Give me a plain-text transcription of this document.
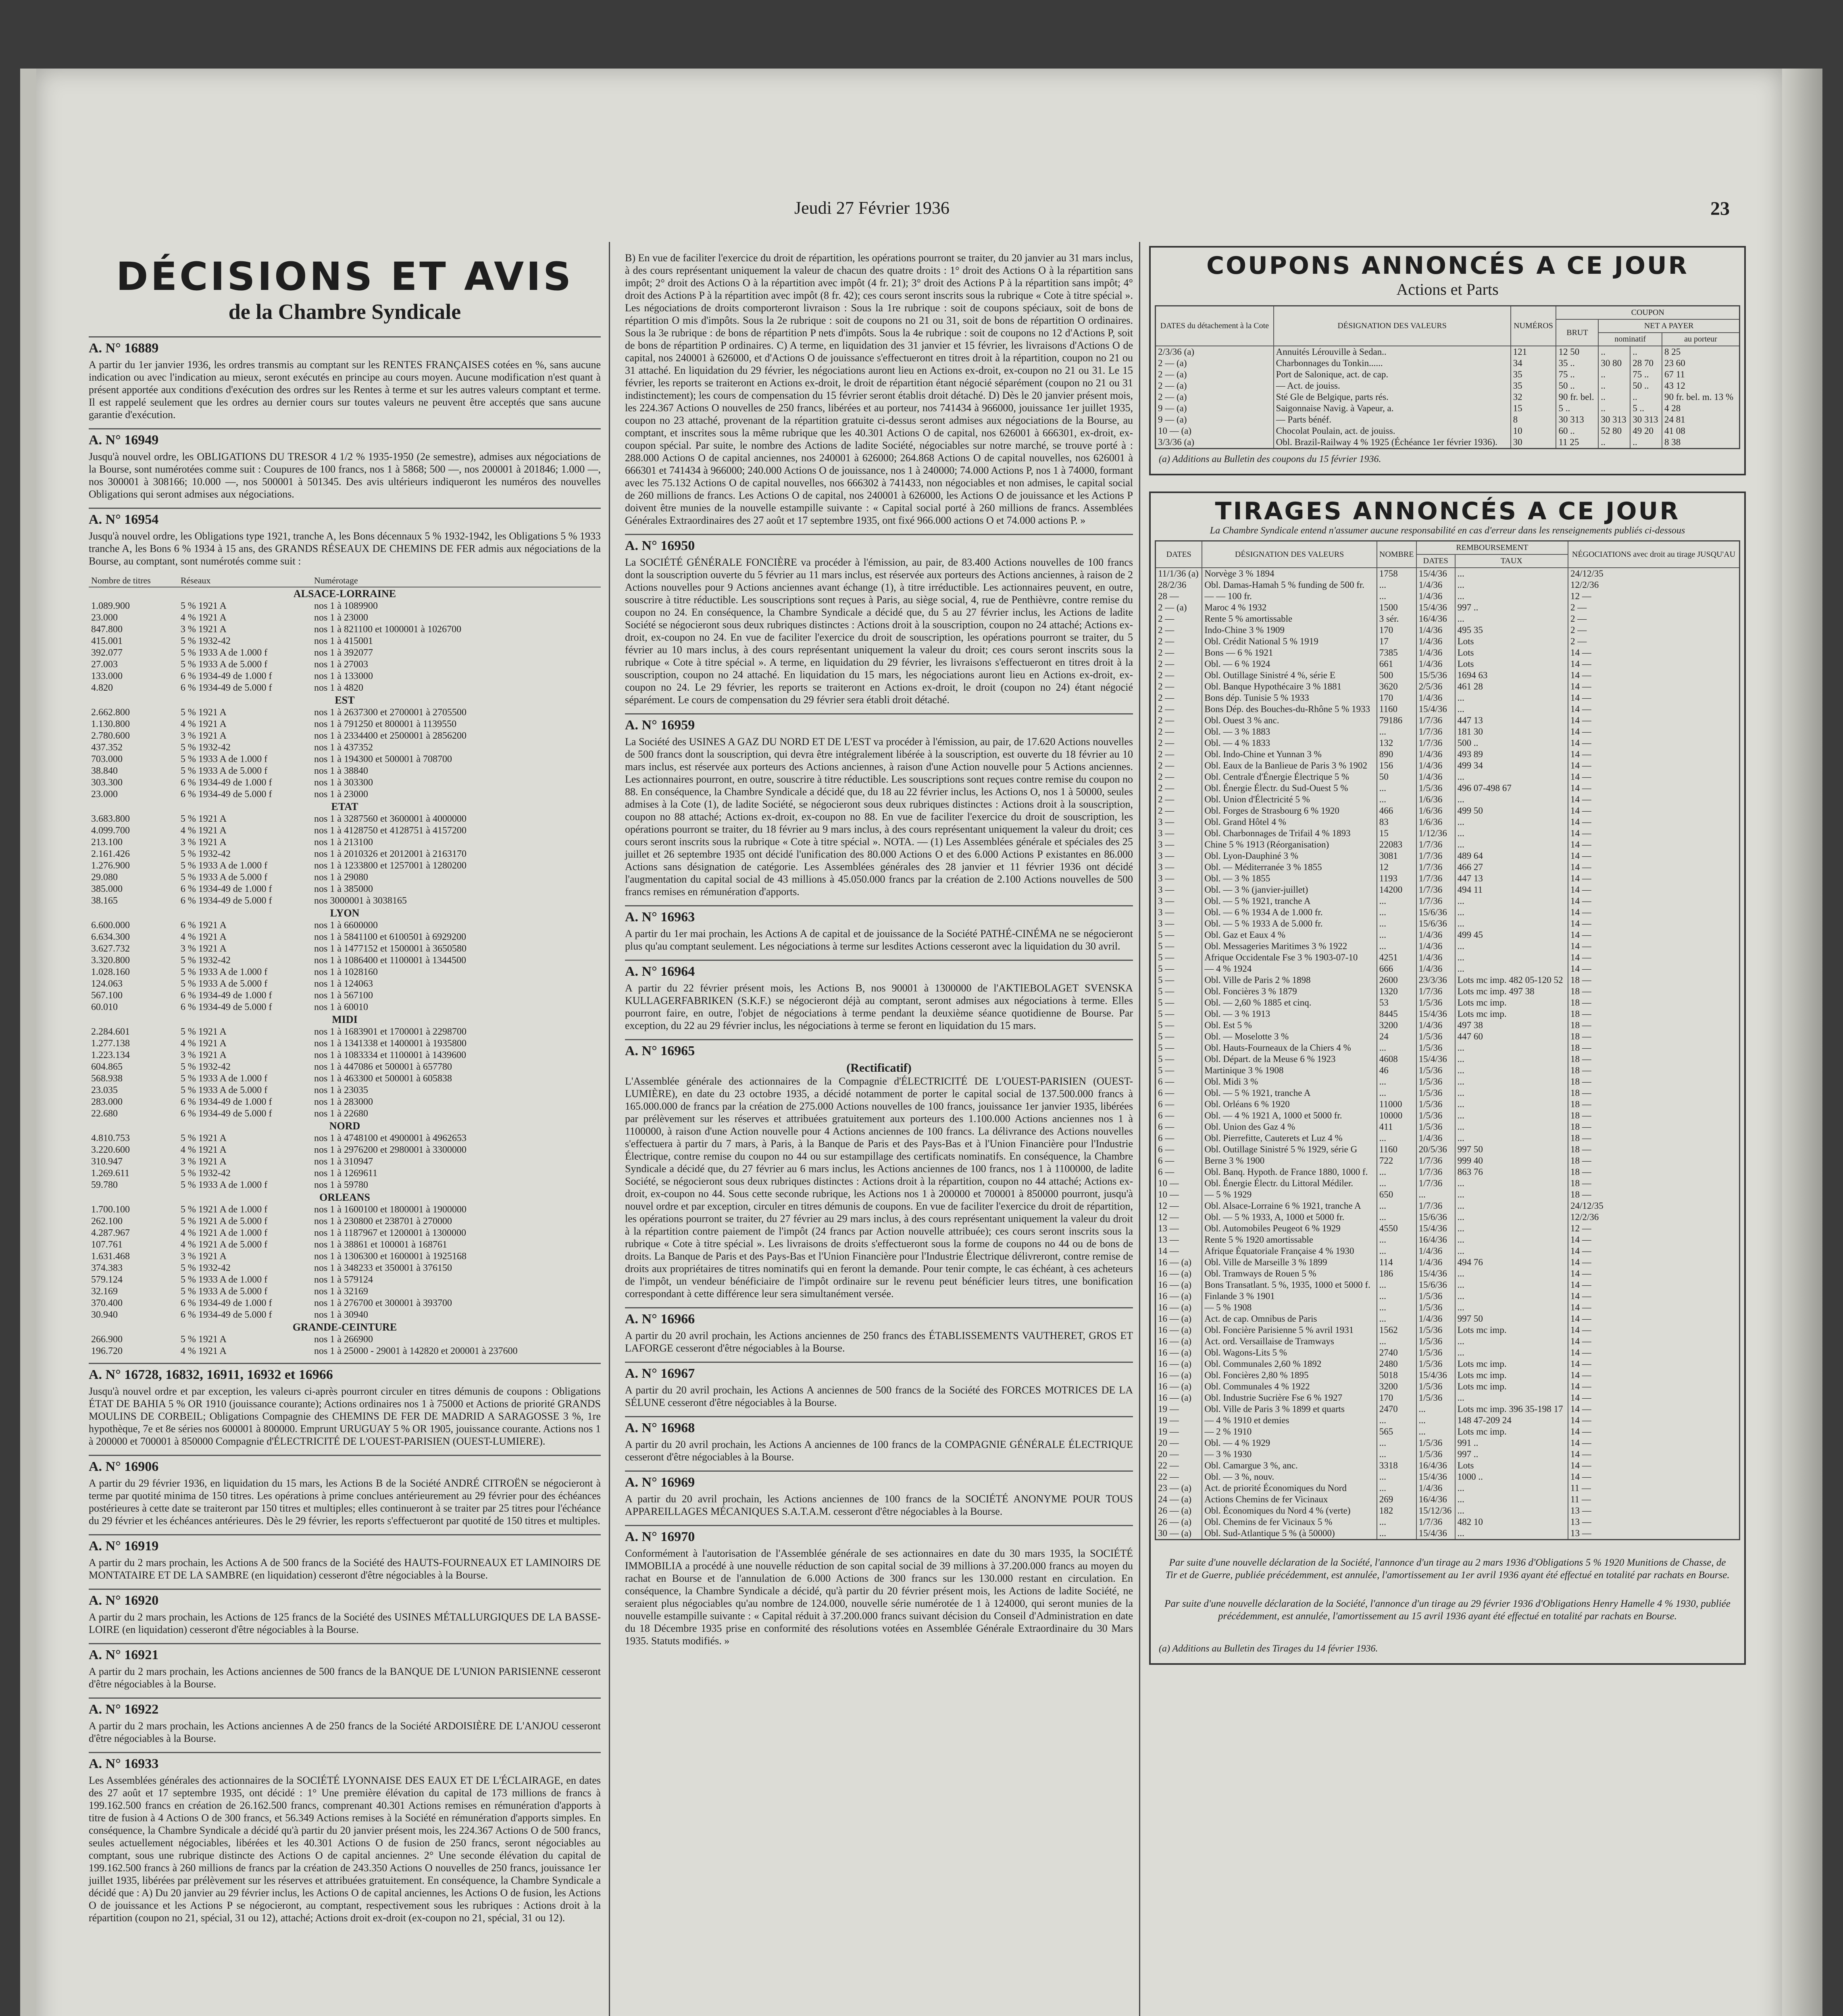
Jeudi 27 Février 1936	23
DÉCISIONS ET AVIS
de la Chambre Syndicale
A. N° 16889
A partir du 1er janvier 1936, les ordres transmis au comptant sur les RENTES FRANÇAISES cotées en %, sans aucune indication ou avec l'indication au mieux, seront exécutés en principe au cours moyen. Aucune modification n'est quant à présent apportée aux conditions d'exécution des ordres sur les Rentes à terme et sur les autres valeurs comptant et terme. Il est rappelé seulement que les ordres au dernier cours sur toutes valeurs ne peuvent être acceptés que sans aucune garantie d'exécution.
A. N° 16949
Jusqu'à nouvel ordre, les OBLIGATIONS DU TRESOR 4 1/2 % 1935-1950 (2e semestre), admises aux négociations de la Bourse, sont numérotées comme suit : Coupures de 100 francs, nos 1 à 5868; 500 —, nos 200001 à 201846; 1.000 —, nos 300001 à 308166; 10.000 —, nos 500001 à 501345. Des avis ultérieurs indiqueront les numéros des nouvelles Obligations qui seront admises aux négociations.
A. N° 16954
Jusqu'à nouvel ordre, les Obligations type 1921, tranche A, les Bons décennaux 5 % 1932-1942, les Obligations 5 % 1933 tranche A, les Bons 6 % 1934 à 15 ans, des GRANDS RÉSEAUX DE CHEMINS DE FER admis aux négociations de la Bourse, au comptant, sont numérotés comme suit :
Nombre de titres	Réseaux	Numérotage
ALSACE-LORRAINE		
1.089.900	5 % 1921 A	nos 1 à 1089900
23.000	4 % 1921 A	nos 1 à 23000
847.800	3 % 1921 A	nos 1 à 821100 et 1000001 à 1026700
415.001	5 % 1932-42	nos 1 à 415001
392.077	5 % 1933 A de 1.000 f	nos 1 à 392077
27.003	5 % 1933 A de 5.000 f	nos 1 à 27003
133.000	6 % 1934-49 de 1.000 f	nos 1 à 133000
4.820	6 % 1934-49 de 5.000 f	nos 1 à 4820
EST		
2.662.800	5 % 1921 A	nos 1 à 2637300 et 2700001 à 2705500
1.130.800	4 % 1921 A	nos 1 à 791250 et 800001 à 1139550
2.780.600	3 % 1921 A	nos 1 à 2334400 et 2500001 à 2856200
437.352	5 % 1932-42	nos 1 à 437352
703.000	5 % 1933 A de 1.000 f	nos 1 à 194300 et 500001 à 708700
38.840	5 % 1933 A de 5.000 f	nos 1 à 38840
303.300	6 % 1934-49 de 1.000 f	nos 1 à 303300
23.000	6 % 1934-49 de 5.000 f	nos 1 à 23000
ETAT		
3.683.800	5 % 1921 A	nos 1 à 3287560 et 3600001 à 4000000
4.099.700	4 % 1921 A	nos 1 à 4128750 et 4128751 à 4157200
213.100	3 % 1921 A	nos 1 à 213100
2.161.426	5 % 1932-42	nos 1 à 2010326 et 2012001 à 2163170
1.276.900	5 % 1933 A de 1.000 f	nos 1 à 1233800 et 1257001 à 1280200
29.080	5 % 1933 A de 5.000 f	nos 1 à 29080
385.000	6 % 1934-49 de 1.000 f	nos 1 à 385000
38.165	6 % 1934-49 de 5.000 f	nos 3000001 à 3038165
LYON		
6.600.000	6 % 1921 A	nos 1 à 6600000
6.634.300	4 % 1921 A	nos 1 à 5841100 et 6100501 à 6929200
3.627.732	3 % 1921 A	nos 1 à 1477152 et 1500001 à 3650580
3.320.800	5 % 1932-42	nos 1 à 1086400 et 1100001 à 1344500
1.028.160	5 % 1933 A de 1.000 f	nos 1 à 1028160
124.063	5 % 1933 A de 5.000 f	nos 1 à 124063
567.100	6 % 1934-49 de 1.000 f	nos 1 à 567100
60.010	6 % 1934-49 de 5.000 f	nos 1 à 60010
MIDI		
2.284.601	5 % 1921 A	nos 1 à 1683901 et 1700001 à 2298700
1.277.138	4 % 1921 A	nos 1 à 1341338 et 1400001 à 1935800
1.223.134	3 % 1921 A	nos 1 à 1083334 et 1100001 à 1439600
604.865	5 % 1932-42	nos 1 à 447086 et 500001 à 657780
568.938	5 % 1933 A de 1.000 f	nos 1 à 463300 et 500001 à 605838
23.035	5 % 1933 A de 5.000 f	nos 1 à 23035
283.000	6 % 1934-49 de 1.000 f	nos 1 à 283000
22.680	6 % 1934-49 de 5.000 f	nos 1 à 22680
NORD		
4.810.753	5 % 1921 A	nos 1 à 4748100 et 4900001 à 4962653
3.220.600	4 % 1921 A	nos 1 à 2976200 et 2980001 à 3300000
310.947	3 % 1921 A	nos 1 à 310947
1.269.611	5 % 1932-42	nos 1 à 1269611
59.780	5 % 1933 A de 1.000 f	nos 1 à 59780
ORLEANS		
1.700.100	5 % 1921 A de 1.000 f	nos 1 à 1600100 et 1800001 à 1900000
262.100	5 % 1921 A de 5.000 f	nos 1 à 230800 et 238701 à 270000
4.287.967	4 % 1921 A de 1.000 f	nos 1 à 1187967 et 1200001 à 1300000
107.761	4 % 1921 A de 5.000 f	nos 1 à 38861 et 100001 à 168761
1.631.468	3 % 1921 A	nos 1 à 1306300 et 1600001 à 1925168
374.383	5 % 1932-42	nos 1 à 348233 et 350001 à 376150
579.124	5 % 1933 A de 1.000 f	nos 1 à 579124
32.169	5 % 1933 A de 5.000 f	nos 1 à 32169
370.400	6 % 1934-49 de 1.000 f	nos 1 à 276700 et 300001 à 393700
30.940	6 % 1934-49 de 5.000 f	nos 1 à 30940
GRANDE-CEINTURE		
266.900	5 % 1921 A	nos 1 à 266900
196.720	4 % 1921 A	nos 1 à 25000 - 29001 à 142820 et 200001 à 237600
A. N° 16728, 16832, 16911, 16932 et 16966
Jusqu'à nouvel ordre et par exception, les valeurs ci-après pourront circuler en titres démunis de coupons : Obligations ÉTAT DE BAHIA 5 % OR 1910 (jouissance courante); Actions ordinaires nos 1 à 75000 et Actions de priorité GRANDS MOULINS DE CORBEIL; Obligations Compagnie des CHEMINS DE FER DE MADRID A SARAGOSSE 3 %, 1re hypothèque, 7e et 8e séries nos 600001 à 800000. Emprunt URUGUAY 5 % OR 1905, jouissance courante. Actions nos 1 à 200000 et 700001 à 850000 Compagnie d'ÉLECTRICITÉ DE L'OUEST-PARISIEN (OUEST-LUMIERE).
A. N° 16906
A partir du 29 février 1936, en liquidation du 15 mars, les Actions B de la Société ANDRÉ CITROËN se négocieront à terme par quotité minima de 150 titres. Les opérations à prime conclues antérieurement au 29 février pour des échéances postérieures à cette date se traiteront par 150 titres et multiples; elles continueront à se traiter par 25 titres pour l'échéance du 29 février et les échéances antérieures. Dès le 29 février, les reports s'effectueront par quotité de 150 titres et multiples.
A. N° 16919
A partir du 2 mars prochain, les Actions A de 500 francs de la Société des HAUTS-FOURNEAUX ET LAMINOIRS DE MONTATAIRE ET DE LA SAMBRE (en liquidation) cesseront d'être négociables à la Bourse.
A. N° 16920
A partir du 2 mars prochain, les Actions de 125 francs de la Société des USINES MÉTALLURGIQUES DE LA BASSE-LOIRE (en liquidation) cesseront d'être négociables à la Bourse.
A. N° 16921
A partir du 2 mars prochain, les Actions anciennes de 500 francs de la BANQUE DE L'UNION PARISIENNE cesseront d'être négociables à la Bourse.
A. N° 16922
A partir du 2 mars prochain, les Actions anciennes A de 250 francs de la Société ARDOISIÈRE DE L'ANJOU cesseront d'être négociables à la Bourse.
A. N° 16933
Les Assemblées générales des actionnaires de la SOCIÉTÉ LYONNAISE DES EAUX ET DE L'ÉCLAIRAGE, en dates des 27 août et 17 septembre 1935, ont décidé : 1° Une première élévation du capital de 173 millions de francs à 199.162.500 francs en création de 26.162.500 francs, comprenant 40.301 Actions remises en rémunération d'apports à titre de fusion à 4 Actions O de 300 francs, et 56.349 Actions remises à la Société en rémunération d'apports simples. En conséquence, la Chambre Syndicale a décidé qu'à partir du 20 janvier présent mois, les 224.367 Actions O de 500 francs, seules actuellement négociables, libérées et les 40.301 Actions O de fusion de 250 francs, seront négociables au comptant, sous une rubrique distincte des Actions O de capital anciennes. 2° Une seconde élévation du capital de 199.162.500 francs à 260 millions de francs par la création de 243.350 Actions O nouvelles de 250 francs, jouissance 1er juillet 1935, libérées par prélèvement sur les réserves et attribuées gratuitement. En conséquence, la Chambre Syndicale a décidé que : A) Du 20 janvier au 29 février inclus, les Actions O de capital anciennes, les Actions O de fusion, les Actions O de jouissance et les Actions P se négocieront, au comptant, respectivement sous les rubriques : Actions droit à la répartition (coupon no 21, spécial, 31 ou 12), attaché; Actions droit ex-droit (ex-coupon no 21, spécial, 31 ou 12).
B) En vue de faciliter l'exercice du droit de répartition, les opérations pourront se traiter, du 20 janvier au 31 mars inclus, à des cours représentant uniquement la valeur de chacun des quatre droits : 1° droit des Actions O à la répartition sans impôt; 2° droit des Actions O à la répartition avec impôt (4 fr. 21); 3° droit des Actions P à la répartition sans impôt; 4° droit des Actions P à la répartition avec impôt (8 fr. 42); ces cours seront inscrits sous la rubrique « Cote à titre spécial ». Les négociations de droits comporteront livraison : Sous la 1re rubrique : soit de coupons spéciaux, soit de bons de répartition O mis d'impôts. Sous la 2e rubrique : soit de coupons no 21 ou 31, soit de bons de répartition O ordinaires. Sous la 3e rubrique : de bons de répartition P nets d'impôts. Sous la 4e rubrique : soit de coupons no 12 d'Actions P, soit de bons de répartition P ordinaires. C) A terme, en liquidation des 31 janvier et 15 février, les livraisons d'Actions O de capital, nos 240001 à 626000, et d'Actions O de jouissance s'effectueront en titres droit à la répartition, coupon no 21 ou 31 attaché. En liquidation du 29 février, les négociations auront lieu en Actions ex-droit, ex-coupon no 21 ou 31. Le 15 février, les reports se traiteront en Actions ex-droit, le droit de répartition étant négocié séparément (coupon no 21 ou 31 indistinctement); les cours de compensation du 15 février seront établis droit détaché. D) Dès le 20 janvier présent mois, les 224.367 Actions O nouvelles de 250 francs, libérées et au porteur, nos 741434 à 966000, jouissance 1er juillet 1935, coupon no 23 attaché, provenant de la répartition gratuite ci-dessus seront admises aux négociations de la Bourse, au comptant, et inscrites sous la même rubrique que les 40.301 Actions O de capital, nos 626001 à 666301, ex-droit, ex-coupon spécial. Par suite, le nombre des Actions de ladite Société, négociables sur notre marché, se trouve porté à : 288.000 Actions O de capital anciennes, nos 240001 à 626000; 264.868 Actions O de capital nouvelles, nos 626001 à 666301 et 741434 à 966000; 240.000 Actions O de jouissance, nos 1 à 240000; 74.000 Actions P, nos 1 à 74000, formant avec les 75.132 Actions O de capital nouvelles, nos 666302 à 741433, non négociables et non admises, le capital social de 260 millions de francs. Les Actions O de capital, nos 240001 à 626000, les Actions O de jouissance et les Actions P doivent être munies de la nouvelle estampille suivante : « Capital social porté à 260 millions de francs. Assemblées Générales Extraordinaires des 27 août et 17 septembre 1935, ont fixé 966.000 actions O et 74.000 actions P. »
A. N° 16950
La SOCIÉTÉ GÉNÉRALE FONCIÈRE va procéder à l'émission, au pair, de 83.400 Actions nouvelles de 100 francs dont la souscription ouverte du 5 février au 11 mars inclus, est réservée aux porteurs des Actions anciennes, à raison de 2 Actions nouvelles pour 9 Actions anciennes avant échange (1), à titre irréductible. Les actionnaires peuvent, en outre, souscrire à titre réductible. Les souscriptions sont reçues à Paris, au siège social, 4, rue de Penthièvre, contre remise du coupon no 24. En conséquence, la Chambre Syndicale a décidé que, du 5 au 27 février inclus, les Actions de ladite Société se négocieront sous deux rubriques distinctes : Actions droit à la souscription, coupon no 24 attaché; Actions ex-droit, ex-coupon no 24. En vue de faciliter l'exercice du droit de souscription, les opérations pourront se traiter, du 5 février au 10 mars inclus, à des cours représentant uniquement la valeur du droit; ces cours seront inscrits sous la rubrique « Cote à titre spécial ». A terme, en liquidation du 29 février, les livraisons s'effectueront en titres droit à la souscription, coupon no 24 attaché. En liquidation du 15 mars, les négociations auront lieu en Actions ex-droit, ex-coupon no 24. Le 29 février, les reports se traiteront en Actions ex-droit, le droit (coupon no 24) étant négocié séparément. Le cours de compensation du 29 février sera établi droit détaché.
A. N° 16959
La Société des USINES A GAZ DU NORD ET DE L'EST va procéder à l'émission, au pair, de 17.620 Actions nouvelles de 500 francs dont la souscription, qui devra être intégralement libérée à la souscription, est ouverte du 18 février au 10 mars inclus, est réservée aux porteurs des Actions anciennes, à raison d'une Action nouvelle pour 5 Actions anciennes. Les actionnaires pourront, en outre, souscrire à titre réductible. Les souscriptions sont reçues contre remise du coupon no 88. En conséquence, la Chambre Syndicale a décidé que, du 18 au 22 février inclus, les Actions O, nos 1 à 50000, seules admises à la Cote (1), de ladite Société, se négocieront sous deux rubriques distinctes : Actions droit à la souscription, coupon no 88 attaché; Actions ex-droit, ex-coupon no 88. En vue de faciliter l'exercice du droit de souscription, les opérations pourront se traiter, du 18 février au 9 mars inclus, à des cours représentant uniquement la valeur du droit; ces cours seront inscrits sous la rubrique « Cote à titre spécial ». NOTA. — (1) Les Assemblées générale et spéciales des 25 juillet et 26 septembre 1935 ont décidé l'unification des 80.000 Actions O et des 6.000 Actions P existantes en 86.000 Actions sans désignation de catégorie. Les Assemblées générales des 28 janvier et 11 février 1936 ont décidé l'augmentation du capital social de 43 millions à 45.050.000 francs par la création de 2.100 Actions nouvelles de 500 francs remises en rémunération d'apports.
A. N° 16963
A partir du 1er mai prochain, les Actions A de capital et de jouissance de la Société PATHÉ-CINÉMA ne se négocieront plus qu'au comptant seulement. Les négociations à terme sur lesdites Actions cesseront avec la liquidation du 30 avril.
A. N° 16964
A partir du 22 février présent mois, les Actions B, nos 90001 à 1300000 de l'AKTIEBOLAGET SVENSKA KULLAGERFABRIKEN (S.K.F.) se négocieront déjà au comptant, seront admises aux négociations à terme. Elles pourront faire, en outre, l'objet de négociations à terme pendant la deuxième séance quotidienne de Bourse. Par exception, du 22 au 29 février inclus, les négociations à terme se feront en liquidation du 15 mars.
A. N° 16965
(Rectificatif)
L'Assemblée générale des actionnaires de la Compagnie d'ÉLECTRICITÉ DE L'OUEST-PARISIEN (OUEST-LUMIÈRE), en date du 23 octobre 1935, a décidé notamment de porter le capital social de 137.500.000 francs à 165.000.000 de francs par la création de 275.000 Actions nouvelles de 100 francs, jouissance 1er janvier 1935, libérées par prélèvement sur les réserves et attribuées gratuitement aux porteurs des 1.100.000 Actions anciennes nos 1 à 1100000, à raison d'une Action nouvelle pour 4 Actions anciennes de 100 francs. La délivrance des Actions nouvelles s'effectuera à partir du 7 mars, à Paris, à la Banque de Paris et des Pays-Bas et à l'Union Financière pour l'Industrie Électrique, contre remise du coupon no 44 ou sur estampillage des certificats nominatifs. En conséquence, la Chambre Syndicale a décidé que, du 27 février au 6 mars inclus, les Actions anciennes de 100 francs, nos 1 à 1100000, de ladite Société, se négocieront sous deux rubriques distinctes : Actions droit à la répartition, coupon no 44 attaché; Actions ex-droit, ex-coupon no 44. Sous cette seconde rubrique, les Actions nos 1 à 200000 et 700001 à 850000 pourront, jusqu'à nouvel ordre et par exception, circuler en titres démunis de coupons. En vue de faciliter l'exercice du droit de répartition, les opérations pourront se traiter, du 27 février au 29 mars inclus, à des cours représentant uniquement la valeur du droit à la répartition contre paiement de l'impôt (24 francs par Action nouvelle attribuée); ces cours seront inscrits sous la rubrique « Cote à titre spécial ». Les livraisons de droits s'effectueront sous la forme de coupons no 44 ou de bons de droits. La Banque de Paris et des Pays-Bas et l'Union Financière pour l'Industrie Électrique délivreront, contre remise de droits aux propriétaires de titres nominatifs qui en feront la demande. Pour tenir compte, le cas échéant, à ces acheteurs de l'impôt, un vendeur bénéficiaire de l'impôt ordinaire sur le revenu peut bénéficier leurs titres, une bonification correspondant à cette différence leur sera simultanément versée.
A. N° 16966
A partir du 20 avril prochain, les Actions anciennes de 250 francs des ÉTABLISSEMENTS VAUTHERET, GROS ET LAFORGE cesseront d'être négociables à la Bourse.
A. N° 16967
A partir du 20 avril prochain, les Actions A anciennes de 500 francs de la Société des FORCES MOTRICES DE LA SÉLUNE cesseront d'être négociables à la Bourse.
A. N° 16968
A partir du 20 avril prochain, les Actions A anciennes de 100 francs de la COMPAGNIE GÉNÉRALE ÉLECTRIQUE cesseront d'être négociables à la Bourse.
A. N° 16969
A partir du 20 avril prochain, les Actions anciennes de 100 francs de la SOCIÉTÉ ANONYME POUR TOUS APPAREILLAGES MÉCANIQUES S.A.T.A.M. cesseront d'être négociables à la Bourse.
A. N° 16970
Conformément à l'autorisation de l'Assemblée générale de ses actionnaires en date du 30 mars 1935, la SOCIÉTÉ IMMOBILIA a procédé à une nouvelle réduction de son capital social de 39 millions à 37.200.000 francs au moyen du rachat en Bourse et de l'annulation de 6.000 Actions de 300 francs sur les 130.000 restant en circulation. En conséquence, la Chambre Syndicale a décidé, qu'à partir du 20 février présent mois, les Actions de ladite Société, ne seraient plus négociables qu'au nombre de 124.000, nouvelle série numérotée de 1 à 124000, qui seront munies de la nouvelle estampille suivante : « Capital réduit à 37.200.000 francs suivant décision du Conseil d'Administration en date du 18 Décembre 1935 prise en conformité des résolutions votées en Assemblée Générale Extraordinaire du 30 Mars 1935. Statuts modifiés. »
COUPONS ANNONCÉS A CE JOUR
Actions et Parts
DATES du détachement à la Cote	DÉSIGNATION DES VALEURS	NUMÉROS	COUPON			
			BRUT	NET A PAYER		
				nominatif		au porteur
2/3/36 (a)	Annuités Lérouville à Sedan..	121	12 50	..	..	8 25
2 — (a)	Charbonnages du Tonkin......	34	35 ..	30 80	28 70	23 60
2 — (a)	Port de Salonique, act. de cap.	35	75 ..	..	75 ..	67 11
2 — (a)	— Act. de jouiss.	35	50 ..	..	50 ..	43 12
2 — (a)	Sté Gle de Belgique, parts rés.	32	90 fr. bel.	..	..	90 fr. bel. m. 13 %
9 — (a)	Saigonnaise Navig. à Vapeur, a.	15	5 ..	..	5 ..	4 28
9 — (a)	— Parts bénéf.	8	30 313	30 313	30 313	24 81
10 — (a)	Chocolat Poulain, act. de jouiss.	10	60 ..	52 80	49 20	41 08
3/3/36 (a)	Obl. Brazil-Railway 4 % 1925 (Échéance 1er février 1936).	30	11 25	..	..	8 38
(a) Additions au Bulletin des coupons du 15 février 1936.
TIRAGES ANNONCÉS A CE JOUR
La Chambre Syndicale entend n'assumer aucune responsabilité en cas d'erreur dans les renseignements publiés ci-dessous
DATES	DÉSIGNATION DES VALEURS	NOMBRE	REMBOURSEMENT		NÉGOCIATIONS avec droit au tirage JUSQU'AU
			DATES	TAUX	
11/1/36 (a)	Norvège 3 % 1894	1758	15/4/36	...	24/12/35
28/2/36	Obl. Damas-Hamah 5 % funding de 500 fr.	...	1/4/36	...	12/2/36
28 —	— — 100 fr.	...	1/4/36	...	12 —
2 — (a)	Maroc 4 % 1932	1500	15/4/36	997 ..	2 —
2 —	Rente 5 % amortissable	3 sér.	16/4/36	...	2 —
2 —	Indo-Chine 3 % 1909	170	1/4/36	495 35	2 —
2 —	Obl. Crédit National 5 % 1919	17	1/4/36	Lots	2 —
2 —	Bons — 6 % 1921	7385	1/4/36	Lots	14 —
2 —	Obl. — 6 % 1924	661	1/4/36	Lots	14 —
2 —	Obl. Outillage Sinistré 4 %, série E	500	15/5/36	1694 63	14 —
2 —	Obl. Banque Hypothécaire 3 % 1881	3620	2/5/36	461 28	14 —
2 —	Bons dép. Tunisie 5 % 1933	170	1/4/36	...	14 —
2 —	Bons Dép. des Bouches-du-Rhône 5 % 1933	1160	15/4/36	...	14 —
2 —	Obl. Ouest 3 % anc.	79186	1/7/36	447 13	14 —
2 —	Obl. — 3 % 1883	...	1/7/36	181 30	14 —
2 —	Obl. — 4 % 1833	132	1/7/36	500 ..	14 —
2 —	Obl. Indo-Chine et Yunnan 3 %	890	1/4/36	493 89	14 —
2 —	Obl. Eaux de la Banlieue de Paris 3 % 1902	156	1/4/36	499 34	14 —
2 —	Obl. Centrale d'Énergie Électrique 5 %	50	1/4/36	...	14 —
2 —	Obl. Énergie Électr. du Sud-Ouest 5 %	...	1/5/36	496 07-498 67	14 —
2 —	Obl. Union d'Électricité 5 %	...	1/6/36	...	14 —
2 —	Obl. Forges de Strasbourg 6 % 1920	466	1/6/36	499 50	14 —
3 —	Obl. Grand Hôtel 4 %	83	1/6/36	...	14 —
3 —	Obl. Charbonnages de Trifail 4 % 1893	15	1/12/36	...	14 —
3 —	Chine 5 % 1913 (Réorganisation)	22083	1/7/36	...	14 —
3 —	Obl. Lyon-Dauphiné 3 %	3081	1/7/36	489 64	14 —
3 —	Obl. — Méditerranée 3 % 1855	12	1/7/36	466 27	14 —
3 —	Obl. — 3 % 1855	1193	1/7/36	447 13	14 —
3 —	Obl. — 3 % (janvier-juillet)	14200	1/7/36	494 11	14 —
3 —	Obl. — 5 % 1921, tranche A	...	1/7/36	...	14 —
3 —	Obl. — 6 % 1934 A de 1.000 fr.	...	15/6/36	...	14 —
3 —	Obl. — 5 % 1933 A de 5.000 fr.	...	15/6/36	...	14 —
5 —	Obl. Gaz et Eaux 4 %	...	1/4/36	499 45	14 —
5 —	Obl. Messageries Maritimes 3 % 1922	...	1/4/36	...	14 —
5 —	Afrique Occidentale Fse 3 % 1903-07-10	4251	1/4/36	...	14 —
5 —	— 4 % 1924	666	1/4/36	...	14 —
5 —	Obl. Ville de Paris 2 % 1898	2600	23/3/36	Lots mc imp. 482 05-120 52	18 —
5 —	Obl. Foncières 3 % 1879	1320	1/7/36	Lots mc imp. 497 38	18 —
5 —	Obl. — 2,60 % 1885 et cinq.	53	1/5/36	Lots mc imp.	18 —
5 —	Obl. — 3 % 1913	8445	15/4/36	Lots mc imp.	18 —
5 —	Obl. Est 5 %	3200	1/4/36	497 38	18 —
5 —	Obl. — Moselotte 3 %	24	1/5/36	447 60	18 —
5 —	Obl. Hauts-Fourneaux de la Chiers 4 %	...	1/5/36	...	18 —
5 —	Obl. Départ. de la Meuse 6 % 1923	4608	15/4/36	...	18 —
5 —	Martinique 3 % 1908	46	1/5/36	...	18 —
6 —	Obl. Midi 3 %	...	1/5/36	...	18 —
6 —	Obl. — 5 % 1921, tranche A	...	1/5/36	...	18 —
6 —	Obl. Orléans 6 % 1920	11000	1/5/36	...	18 —
6 —	Obl. — 4 % 1921 A, 1000 et 5000 fr.	10000	1/5/36	...	18 —
6 —	Obl. Union des Gaz 4 %	411	1/5/36	...	18 —
6 —	Obl. Pierrefitte, Cauterets et Luz 4 %	...	1/4/36	...	18 —
6 —	Obl. Outillage Sinistré 5 % 1929, série G	1160	20/5/36	997 50	18 —
6 —	Berne 3 % 1900	722	1/7/36	999 40	18 —
6 —	Obl. Banq. Hypoth. de France 1880, 1000 f.	...	1/7/36	863 76	18 —
10 —	Obl. Énergie Électr. du Littoral Médiler.	...	1/7/36	...	18 —
10 —	— 5 % 1929	650	...	...	18 —
12 —	Obl. Alsace-Lorraine 6 % 1921, tranche A	...	1/7/36	...	24/12/35
12 —	Obl. — 5 % 1933, A, 1000 et 5000 fr.	...	15/6/36	...	12/2/36
13 —	Obl. Automobiles Peugeot 6 % 1929	4550	15/4/36	...	12 —
13 —	Rente 5 % 1920 amortissable	...	16/4/36	...	14 —
14 —	Afrique Équatoriale Française 4 % 1930	...	1/4/36	...	14 —
16 — (a)	Obl. Ville de Marseille 3 % 1899	114	1/4/36	494 76	14 —
16 — (a)	Obl. Tramways de Rouen 5 %	186	15/4/36	...	14 —
16 — (a)	Bons Transatlant. 5 %, 1935, 1000 et 5000 f.	...	15/6/36	...	14 —
16 — (a)	Finlande 3 % 1901	...	1/5/36	...	14 —
16 — (a)	— 5 % 1908	...	1/5/36	...	14 —
16 — (a)	Act. de cap. Omnibus de Paris	...	1/4/36	997 50	14 —
16 — (a)	Obl. Foncière Parisienne 5 % avril 1931	1562	1/5/36	Lots mc imp.	14 —
16 — (a)	Act. ord. Versaillaise de Tramways	...	1/5/36	...	14 —
16 — (a)	Obl. Wagons-Lits 5 %	2740	1/5/36	...	14 —
16 — (a)	Obl. Communales 2,60 % 1892	2480	1/5/36	Lots mc imp.	14 —
16 — (a)	Obl. Foncières 2,80 % 1895	5018	15/4/36	Lots mc imp.	14 —
16 — (a)	Obl. Communales 4 % 1922	3200	1/5/36	Lots mc imp.	14 —
16 — (a)	Obl. Industrie Sucrière Fse 6 % 1927	170	1/5/36	...	14 —
19 —	Obl. Ville de Paris 3 % 1899 et quarts	2470	...	Lots mc imp. 396 35-198 17	14 —
19 —	— 4 % 1910 et demies	...	...	148 47-209 24	14 —
19 —	— 2 % 1910	565	...	Lots mc imp.	14 —
20 —	Obl. — 4 % 1929	...	1/5/36	991 ..	14 —
20 —	— 3 % 1930	...	1/5/36	997 ..	14 —
22 —	Obl. Camargue 3 %, anc.	3318	16/4/36	Lots	14 —
22 —	Obl. — 3 %, nouv.	...	15/4/36	1000 ..	14 —
23 — (a)	Act. de priorité Économiques du Nord	...	1/4/36	...	11 —
24 — (a)	Actions Chemins de fer Vicinaux	269	16/4/36	...	11 —
26 — (a)	Obl. Économiques du Nord 4 % (verte)	182	15/12/36	...	13 —
26 — (a)	Obl. Chemins de fer Vicinaux 5 %	...	1/7/36	482 10	13 —
30 — (a)	Obl. Sud-Atlantique 5 % (à 50000)	...	15/4/36	...	13 —
Par suite d'une nouvelle déclaration de la Société, l'annonce d'un tirage au 2 mars 1936 d'Obligations 5 % 1920 Munitions de Chasse, de Tir et de Guerre, publiée précédemment, est annulée, l'amortissement au 1er avril 1936 ayant été effectué en totalité par rachats en Bourse.
Par suite d'une nouvelle déclaration de la Société, l'annonce d'un tirage au 29 février 1936 d'Obligations Henry Hamelle 4 % 1930, publiée précédemment, est annulée, l'amortissement au 15 avril 1936 ayant été effectué en totalité par rachats en Bourse.
(a) Additions au Bulletin des Tirages du 14 février 1936.
